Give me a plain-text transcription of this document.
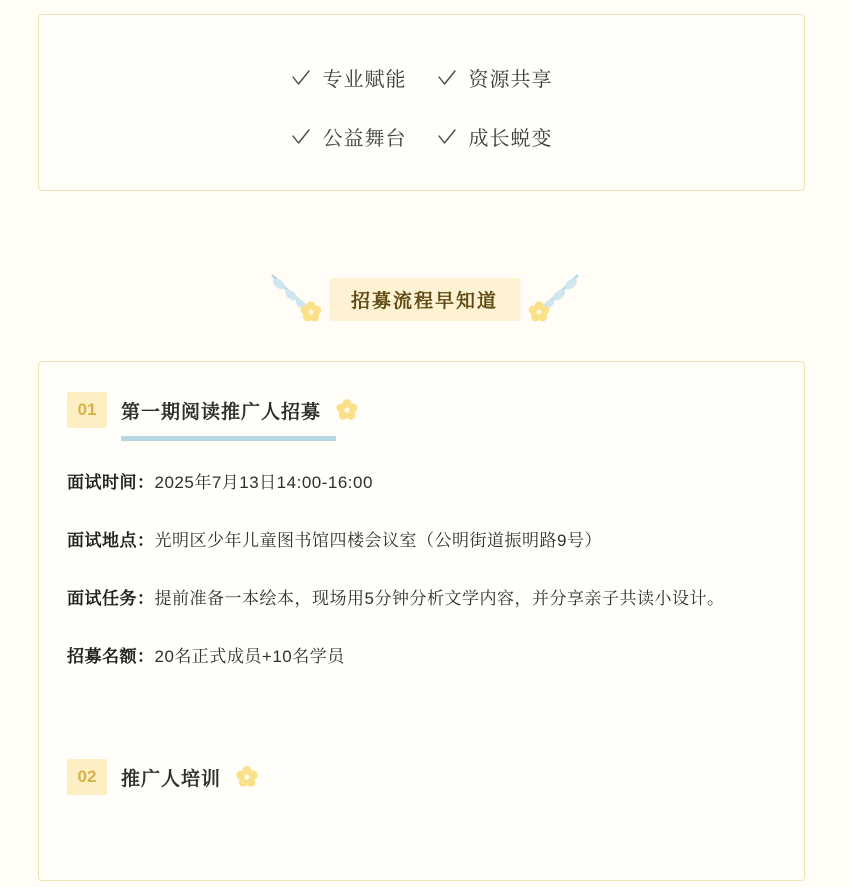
专业赋能	资源共享
公益舞台	成长蜕变
招募流程早知道
01	第一期阅读推广人招募
面试时间：2025年7月13日14:00-16:00
面试地点：光明区少年儿童图书馆四楼会议室（公明街道振明路9号）
面试任务：提前准备一本绘本，现场用5分钟分析文学内容，并分享亲子共读小设计。
招募名额：20名正式成员+10名学员
02	推广人培训
